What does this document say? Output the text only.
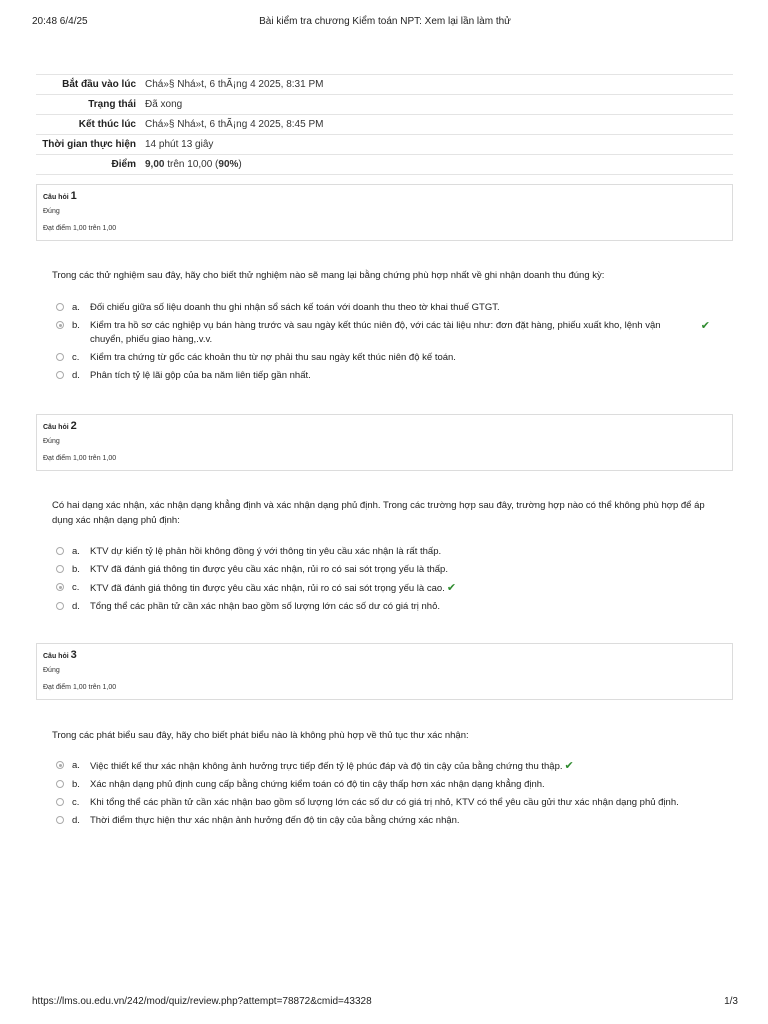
20:48 6/4/25	Bài kiểm tra chương Kiểm toán NPT: Xem lại lần làm thử
Bắt đầu vào lúc	Chá»§ Nhá»t, 6 thÃ¡ng 4 2025, 8:31 PM
Trạng thái	Đã xong
Kết thúc lúc	Chá»§ Nhá»t, 6 thÃ¡ng 4 2025, 8:45 PM
Thời gian thực hiện	14 phút 13 giây
Điểm	9,00 trên 10,00 (90%)
Câu hỏi 1
Đúng
Đạt điểm 1,00 trên 1,00
Trong các thử nghiệm sau đây, hãy cho biết thử nghiệm nào sẽ mang lại bằng chứng phù hợp nhất về ghi nhận doanh thu đúng kỳ:
a. Đối chiếu giữa số liệu doanh thu ghi nhận sổ sách kế toán với doanh thu theo tờ khai thuế GTGT.
b. Kiểm tra hồ sơ các nghiệp vụ bán hàng trước và sau ngày kết thúc niên độ, với các tài liệu như: đơn đặt hàng, phiếu xuất kho, lệnh vận chuyển, phiếu giao hàng,.v.v.
✔
c. Kiểm tra chứng từ gốc các khoản thu từ nợ phải thu sau ngày kết thúc niên độ kế toán.
d. Phân tích tỷ lệ lãi gộp của ba năm liên tiếp gần nhất.
Câu hỏi 2
Đúng
Đạt điểm 1,00 trên 1,00
Có hai dạng xác nhận, xác nhận dạng khẳng định và xác nhận dạng phủ định. Trong các trường hợp sau đây, trường hợp nào có thể không phù hợp để áp dụng xác nhận dạng phủ định:
a. KTV dự kiến tỷ lệ phản hồi không đồng ý với thông tin yêu cầu xác nhận là rất thấp.
b. KTV đã đánh giá thông tin được yêu cầu xác nhận, rủi ro có sai sót trọng yếu là thấp.
c. KTV đã đánh giá thông tin được yêu cầu xác nhận, rủi ro có sai sót trọng yếu là cao. ✔
d. Tổng thể các phần tử cần xác nhận bao gồm số lượng lớn các số dư có giá trị nhỏ.
Câu hỏi 3
Đúng
Đạt điểm 1,00 trên 1,00
Trong các phát biểu sau đây, hãy cho biết phát biểu nào là không phù hợp về thủ tục thư xác nhận:
a. Việc thiết kế thư xác nhận không ảnh hưởng trực tiếp đến tỷ lệ phúc đáp và độ tin cậy của bằng chứng thu thập. ✔
b. Xác nhận dạng phủ định cung cấp bằng chứng kiểm toán có độ tin cậy thấp hơn xác nhận dạng khẳng định.
c. Khi tổng thể các phần tử cần xác nhận bao gồm số lượng lớn các số dư có giá trị nhỏ, KTV có thể yêu cầu gửi thư xác nhận dạng phủ định.
d. Thời điểm thực hiện thư xác nhận ảnh hưởng đến độ tin cậy của bằng chứng xác nhận.
https://lms.ou.edu.vn/242/mod/quiz/review.php?attempt=78872&cmid=43328	1/3
